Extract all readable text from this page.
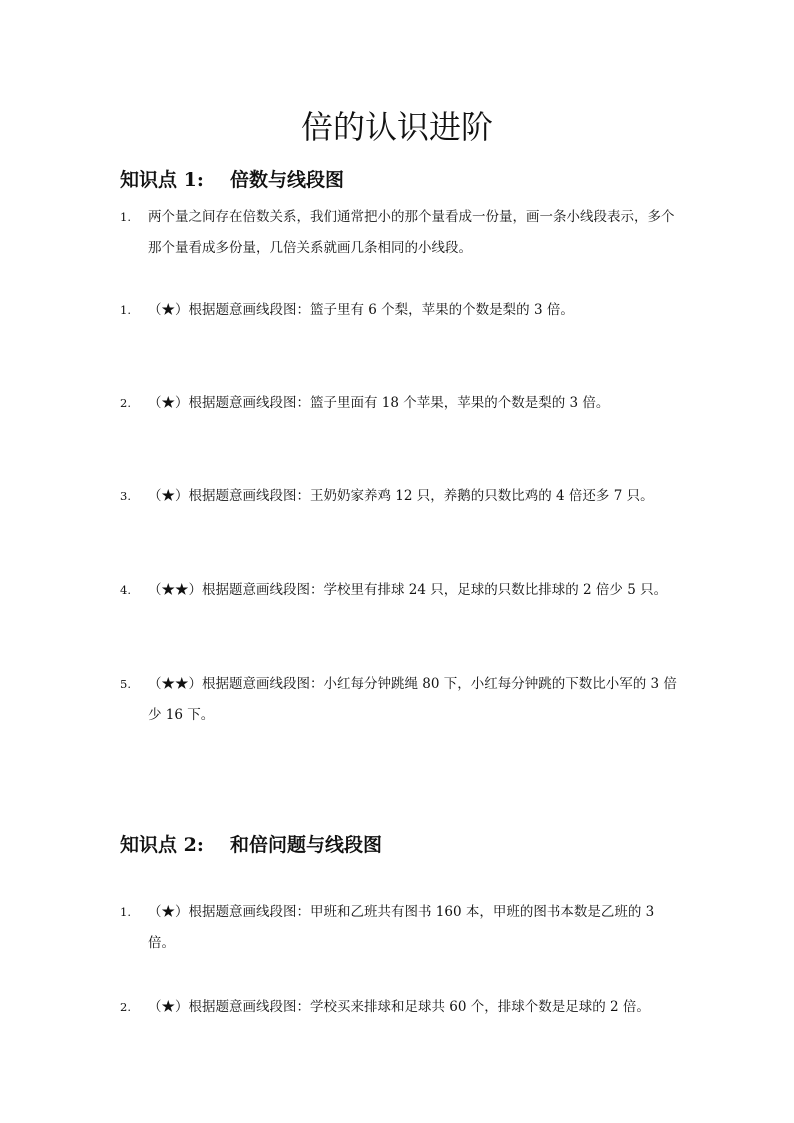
倍的认识进阶
知识点 1: 倍数与线段图
1. 两个量之间存在倍数关系，我们通常把小的那个量看成一份量，画一条小线段表示，多个那个量看成多份量，几倍关系就画几条相同的小线段。
1. （★）根据题意画线段图：篮子里有 6 个梨，苹果的个数是梨的 3 倍。
2. （★）根据题意画线段图：篮子里面有 18 个苹果，苹果的个数是梨的 3 倍。
3. （★）根据题意画线段图：王奶奶家养鸡 12 只，养鹅的只数比鸡的 4 倍还多 7 只。
4. （★★）根据题意画线段图：学校里有排球 24 只，足球的只数比排球的 2 倍少 5 只。
5. （★★）根据题意画线段图：小红每分钟跳绳 80 下，小红每分钟跳的下数比小军的 3 倍少 16 下。
知识点 2: 和倍问题与线段图
1. （★）根据题意画线段图：甲班和乙班共有图书 160 本，甲班的图书本数是乙班的 3 倍。
2. （★）根据题意画线段图：学校买来排球和足球共 60 个，排球个数是足球的 2 倍。
